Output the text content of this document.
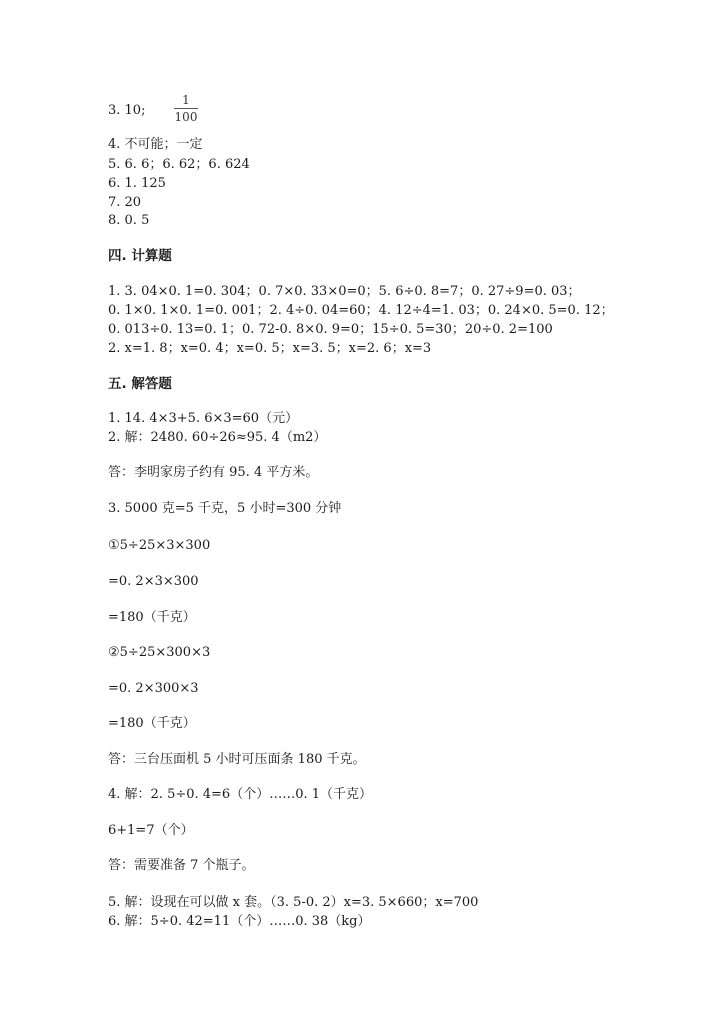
3. 10;
1
100
4. 不可能；一定
5. 6. 6；6. 62；6. 624
6. 1. 125
7. 20
8. 0. 5
四. 计算题
1. 3. 04×0. 1=0. 304；0. 7×0. 33×0=0；5. 6÷0. 8=7；0. 27÷9=0. 03；
0. 1×0. 1×0. 1=0. 001；2. 4÷0. 04=60；4. 12÷4=1. 03；0. 24×0. 5=0. 12；
0. 013÷0. 13=0. 1；0. 72-0. 8×0. 9=0；15÷0. 5=30；20÷0. 2=100
2. x=1. 8；x=0. 4；x=0. 5；x=3. 5；x=2. 6；x=3
五. 解答题
1. 14. 4×3+5. 6×3=60（元）
2. 解：2480. 60÷26≈95. 4（m2）
答：李明家房子约有 95. 4 平方米。
3. 5000 克=5 千克，5 小时=300 分钟
①5÷25×3×300
=0. 2×3×300
=180（千克）
②5÷25×300×3
=0. 2×300×3
=180（千克）
答：三台压面机 5 小时可压面条 180 千克。
4. 解：2. 5÷0. 4=6（个）……0. 1（千克）
6+1=7（个）
答：需要准备 7 个瓶子。
5. 解：设现在可以做 x 套。（3. 5-0. 2）x=3. 5×660；x=700
6. 解：5÷0. 42=11（个）……0. 38（kg）
